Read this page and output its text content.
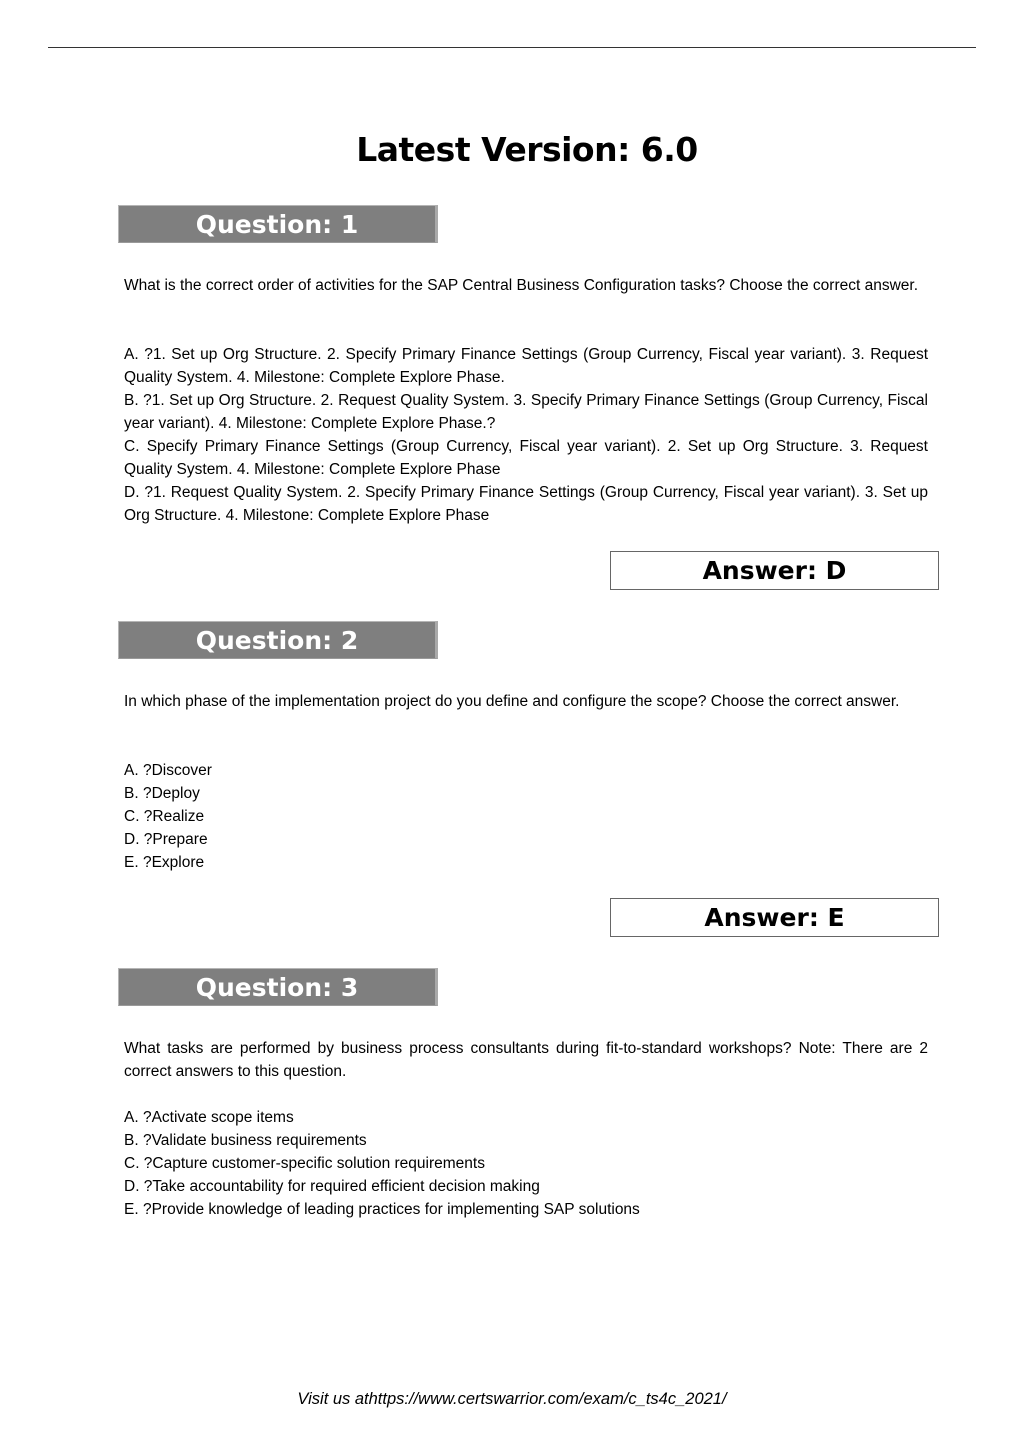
Latest Version: 6.0
Question: 1

What is the correct order of activities for the SAP Central Business Configuration tasks? Choose the correct answer.

A. ?1. Set up Org Structure. 2. Specify Primary Finance Settings (Group Currency, Fiscal year variant). 3. Request Quality System. 4. Milestone: Complete Explore Phase.
B. ?1. Set up Org Structure. 2. Request Quality System. 3. Specify Primary Finance Settings (Group Currency, Fiscal year variant). 4. Milestone: Complete Explore Phase.?
C. Specify Primary Finance Settings (Group Currency, Fiscal year variant). 2. Set up Org Structure. 3. Request Quality System. 4. Milestone: Complete Explore Phase
D. ?1. Request Quality System. 2. Specify Primary Finance Settings (Group Currency, Fiscal year variant). 3. Set up Org Structure. 4. Milestone: Complete Explore Phase
Answer: D
Question: 2

In which phase of the implementation project do you define and configure the scope? Choose the correct answer.

A. ?Discover
B. ?Deploy
C. ?Realize
D. ?Prepare
E. ?Explore
Answer: E
Question: 3

What tasks are performed by business process consultants during fit-to-standard workshops? Note: There are 2 correct answers to this question.

A. ?Activate scope items
B. ?Validate business requirements
C. ?Capture customer-specific solution requirements
D. ?Take accountability for required efficient decision making
E. ?Provide knowledge of leading practices for implementing SAP solutions
Visit us athttps://www.certswarrior.com/exam/c_ts4c_2021/
